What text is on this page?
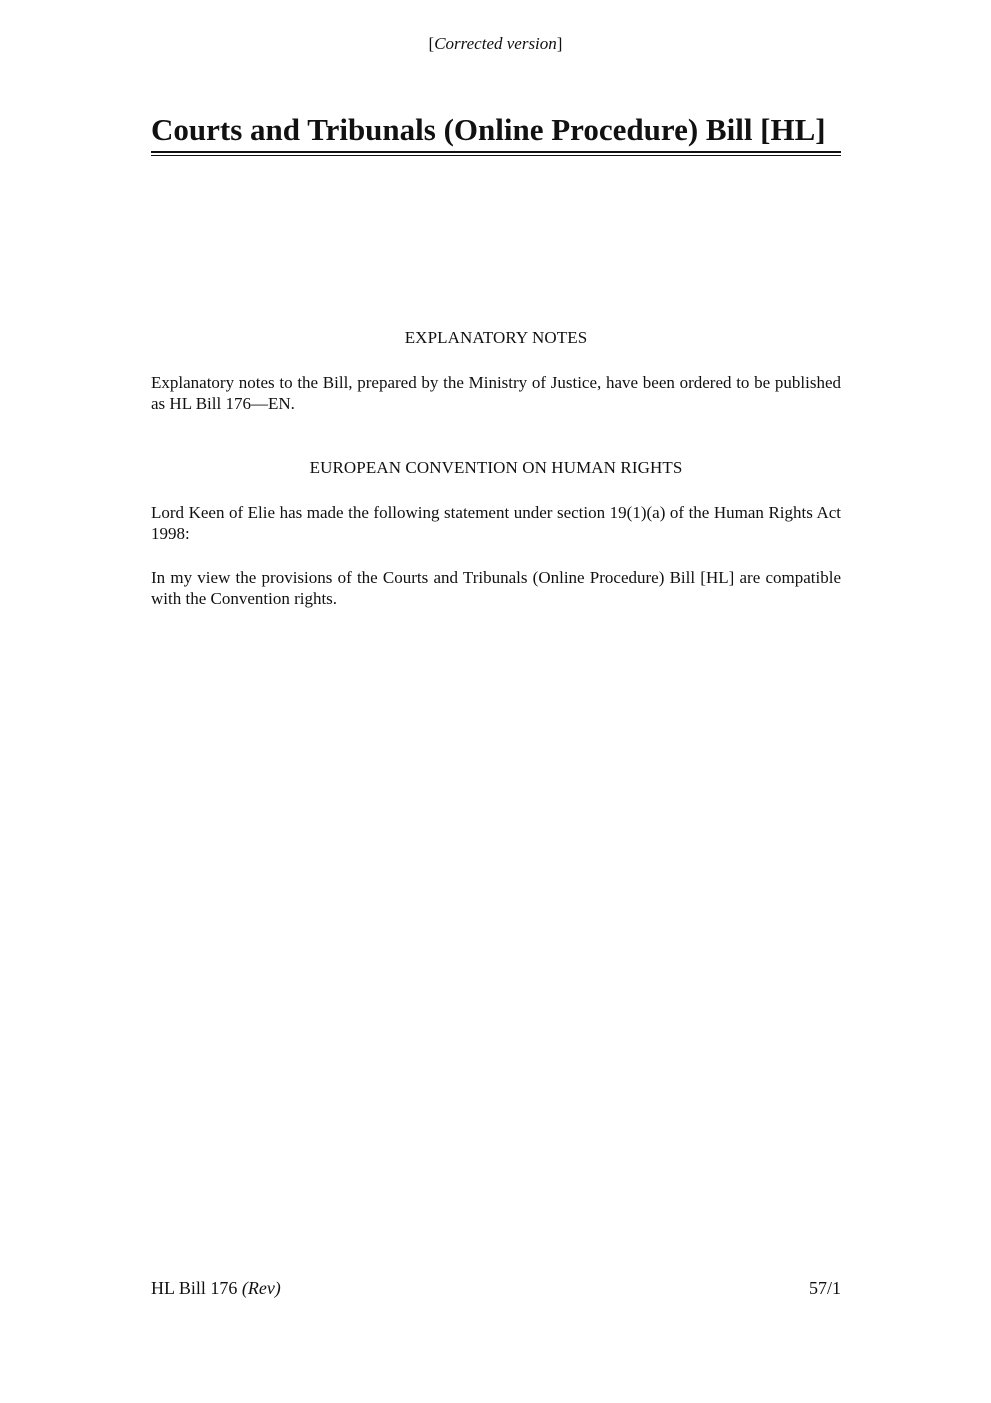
[Corrected version]
Courts and Tribunals (Online Procedure) Bill [HL]
EXPLANATORY NOTES
Explanatory notes to the Bill, prepared by the Ministry of Justice, have been ordered to be published as HL Bill 176—EN.
EUROPEAN CONVENTION ON HUMAN RIGHTS
Lord Keen of Elie has made the following statement under section 19(1)(a) of the Human Rights Act 1998:
In my view the provisions of the Courts and Tribunals (Online Procedure) Bill [HL] are compatible with the Convention rights.
HL Bill 176 (Rev)	57/1
